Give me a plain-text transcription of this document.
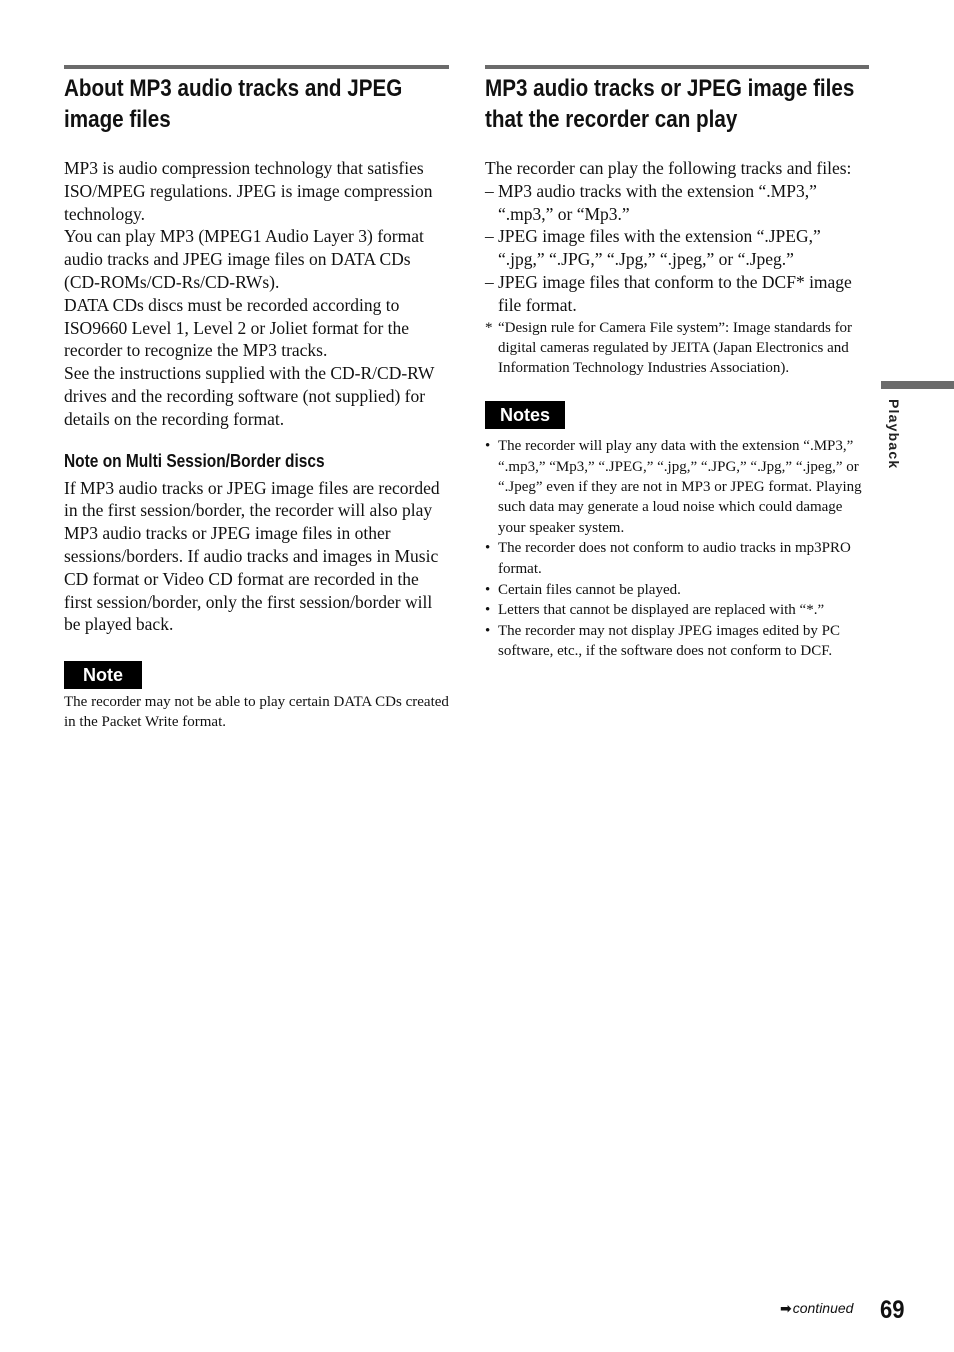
About MP3 audio tracks and JPEG image files

MP3 is audio compression technology that satisfies ISO/MPEG regulations. JPEG is image compression technology.

You can play MP3 (MPEG1 Audio Layer 3) format audio tracks and JPEG image files on DATA CDs (CD-ROMs/CD-Rs/CD-RWs).

DATA CDs discs must be recorded according to ISO9660 Level 1, Level 2 or Joliet format for the recorder to recognize the MP3 tracks.

See the instructions supplied with the CD-R/CD-RW drives and the recording software (not supplied) for details on the recording format.

Note on Multi Session/Border discs

If MP3 audio tracks or JPEG image files are recorded in the first session/border, the recorder will also play MP3 audio tracks or JPEG image files in other sessions/borders. If audio tracks and images in Music CD format or Video CD format are recorded in the first session/border, only the first session/border will be played back.

Note

The recorder may not be able to play certain DATA CDs created in the Packet Write format.

MP3 audio tracks or JPEG image files that the recorder can play

The recorder can play the following tracks and files:

– MP3 audio tracks with the extension “.MP3,” “.mp3,” or “Mp3.”
– JPEG image files with the extension “.JPEG,” “.jpg,” “.JPG,” “.Jpg,” “.jpeg,” or “.Jpeg.”
– JPEG image files that conform to the DCF* image file format.
* “Design rule for Camera File system”: Image standards for digital cameras regulated by JEITA (Japan Electronics and Information Technology Industries Association).
Notes
• The recorder will play any data with the extension “.MP3,” “.mp3,” “Mp3,” “.JPEG,” “.jpg,” “.JPG,” “.Jpg,” “.jpeg,” or “.Jpeg” even if they are not in MP3 or JPEG format. Playing such data may generate a loud noise which could damage your speaker system.
• The recorder does not conform to audio tracks in mp3PRO format.
• Certain files cannot be played.
• Letters that cannot be displayed are replaced with “*.”
• The recorder may not display JPEG images edited by PC software, etc., if the software does not conform to DCF.
Playback
➡continued 69
